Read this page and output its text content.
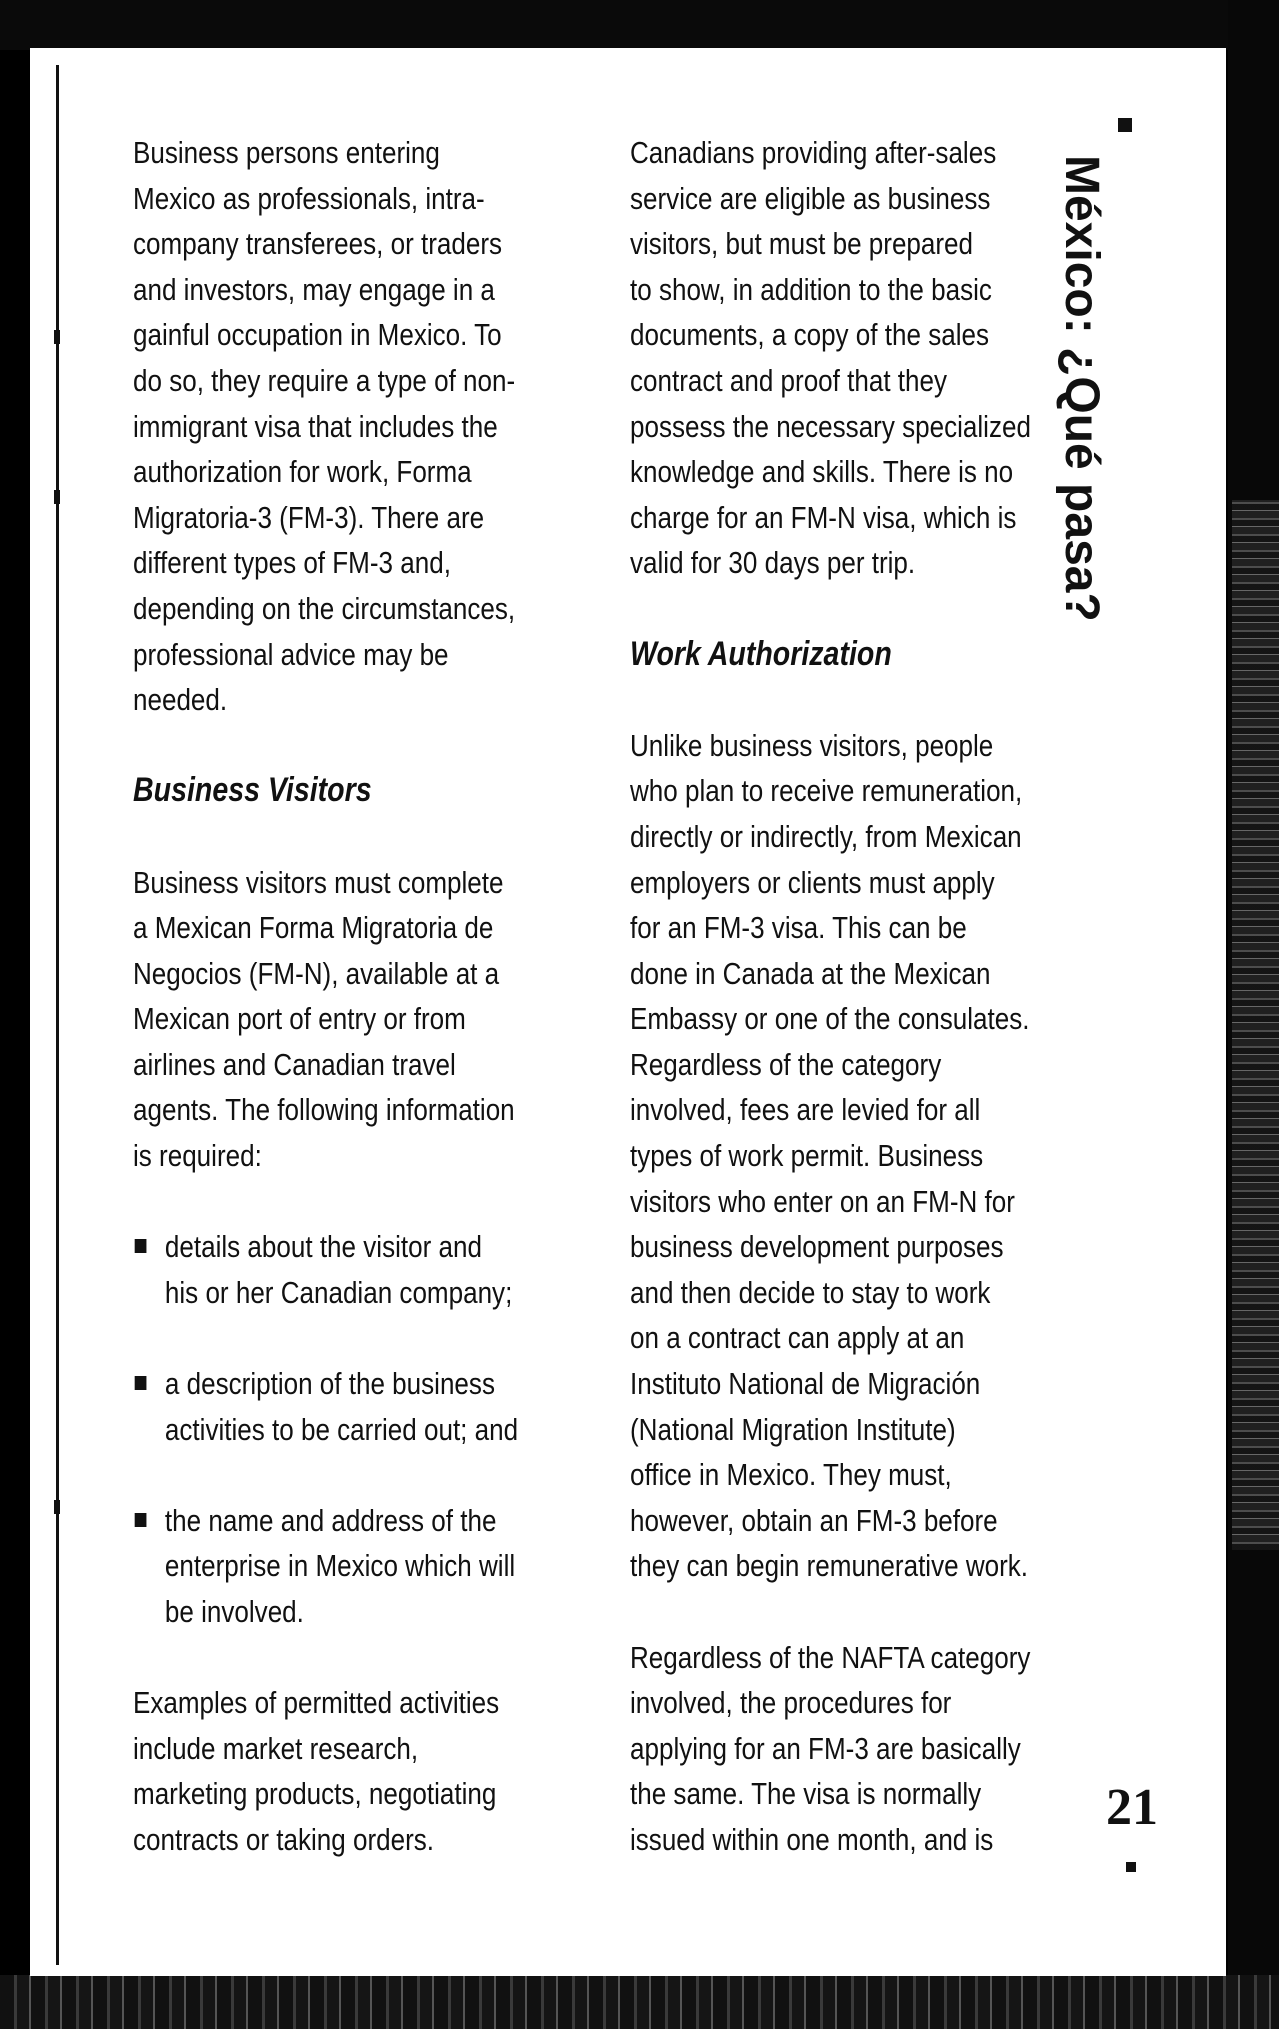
Business persons entering
Mexico as professionals, intra-
company transferees, or traders
and investors, may engage in a
gainful occupation in Mexico. To
do so, they require a type of non-
immigrant visa that includes the
authorization for work, Forma
Migratoria-3 (FM-3). There are
different types of FM-3 and,
depending on the circumstances,
professional advice may be
needed.

Business Visitors

Business visitors must complete
a Mexican Forma Migratoria de
Negocios (FM-N), available at a
Mexican port of entry or from
airlines and Canadian travel
agents. The following information
is required:

details about the visitor and
his or her Canadian company;
a description of the business
activities to be carried out; and
the name and address of the
enterprise in Mexico which will
be involved.

Examples of permitted activities
include market research,
marketing products, negotiating
contracts or taking orders.

Canadians providing after-sales
service are eligible as business
visitors, but must be prepared
to show, in addition to the basic
documents, a copy of the sales
contract and proof that they
possess the necessary specialized
knowledge and skills. There is no
charge for an FM-N visa, which is
valid for 30 days per trip.

Work Authorization

Unlike business visitors, people
who plan to receive remuneration,
directly or indirectly, from Mexican
employers or clients must apply
for an FM-3 visa. This can be
done in Canada at the Mexican
Embassy or one of the consulates.
Regardless of the category
involved, fees are levied for all
types of work permit. Business
visitors who enter on an FM-N for
business development purposes
and then decide to stay to work
on a contract can apply at an
Instituto National de Migración
(National Migration Institute)
office in Mexico. They must,
however, obtain an FM-3 before
they can begin remunerative work.

Regardless of the NAFTA category
involved, the procedures for
applying for an FM-3 are basically
the same. The visa is normally
issued within one month, and is

México: ¿Qué pasa?
21
